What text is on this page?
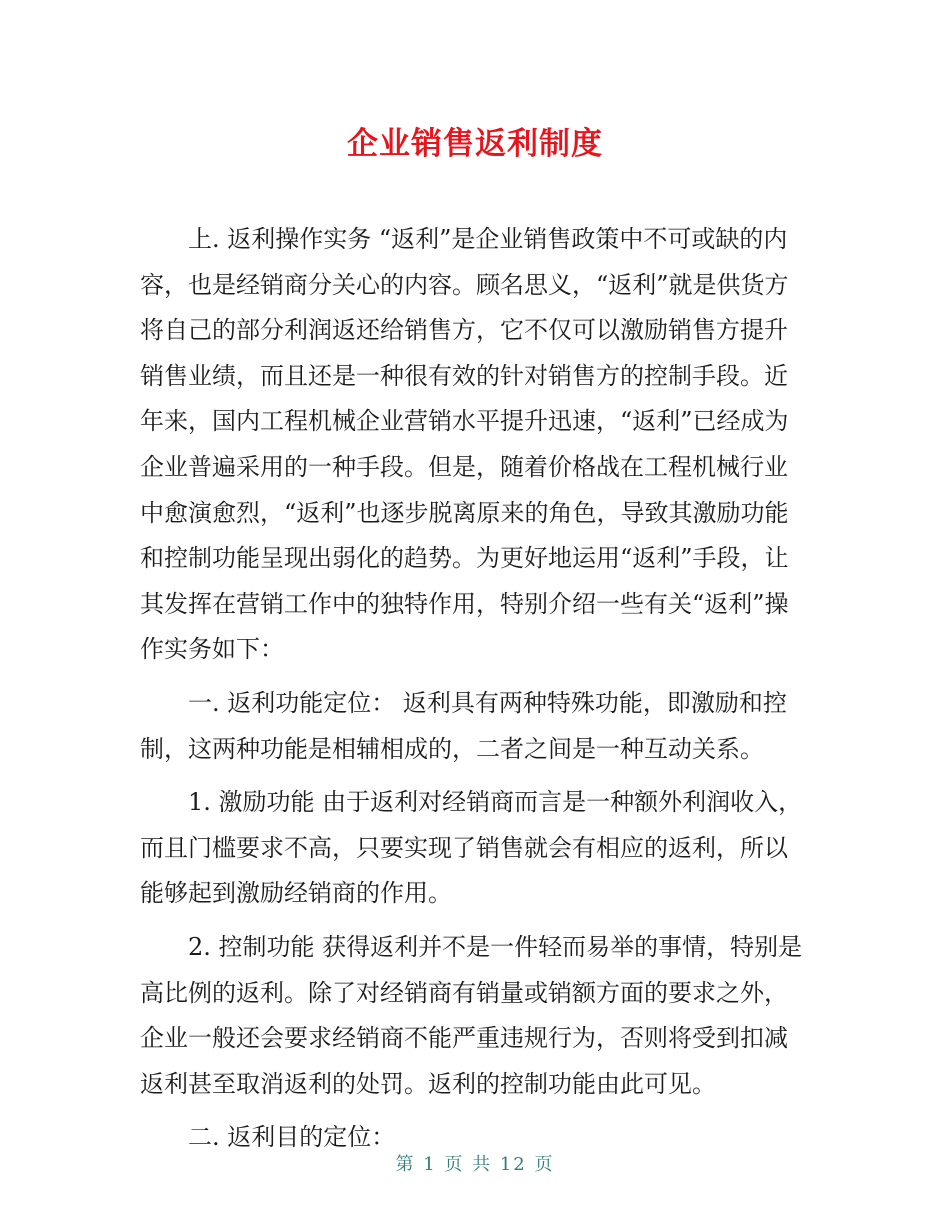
企业销售返利制度

上. 返利操作实务 “返利”是企业销售政策中不可或缺的内容，也是经销商分关心的内容。顾名思义，“返利”就是供货方将自己的部分利润返还给销售方，它不仅可以激励销售方提升销售业绩，而且还是一种很有效的针对销售方的控制手段。近年来，国内工程机械企业营销水平提升迅速，“返利”已经成为企业普遍采用的一种手段。但是，随着价格战在工程机械行业中愈演愈烈，“返利”也逐步脱离原来的角色，导致其激励功能和控制功能呈现出弱化的趋势。为更好地运用“返利”手段，让其发挥在营销工作中的独特作用，特别介绍一些有关“返利”操作实务如下：

一. 返利功能定位： 返利具有两种特殊功能，即激励和控制，这两种功能是相辅相成的，二者之间是一种互动关系。

1. 激励功能 由于返利对经销商而言是一种额外利润收入，而且门槛要求不高，只要实现了销售就会有相应的返利，所以能够起到激励经销商的作用。

2. 控制功能 获得返利并不是一件轻而易举的事情，特别是高比例的返利。除了对经销商有销量或销额方面的要求之外，企业一般还会要求经销商不能严重违规行为，否则将受到扣减返利甚至取消返利的处罚。返利的控制功能由此可见。

二. 返利目的定位：

第 1 页 共 12 页
